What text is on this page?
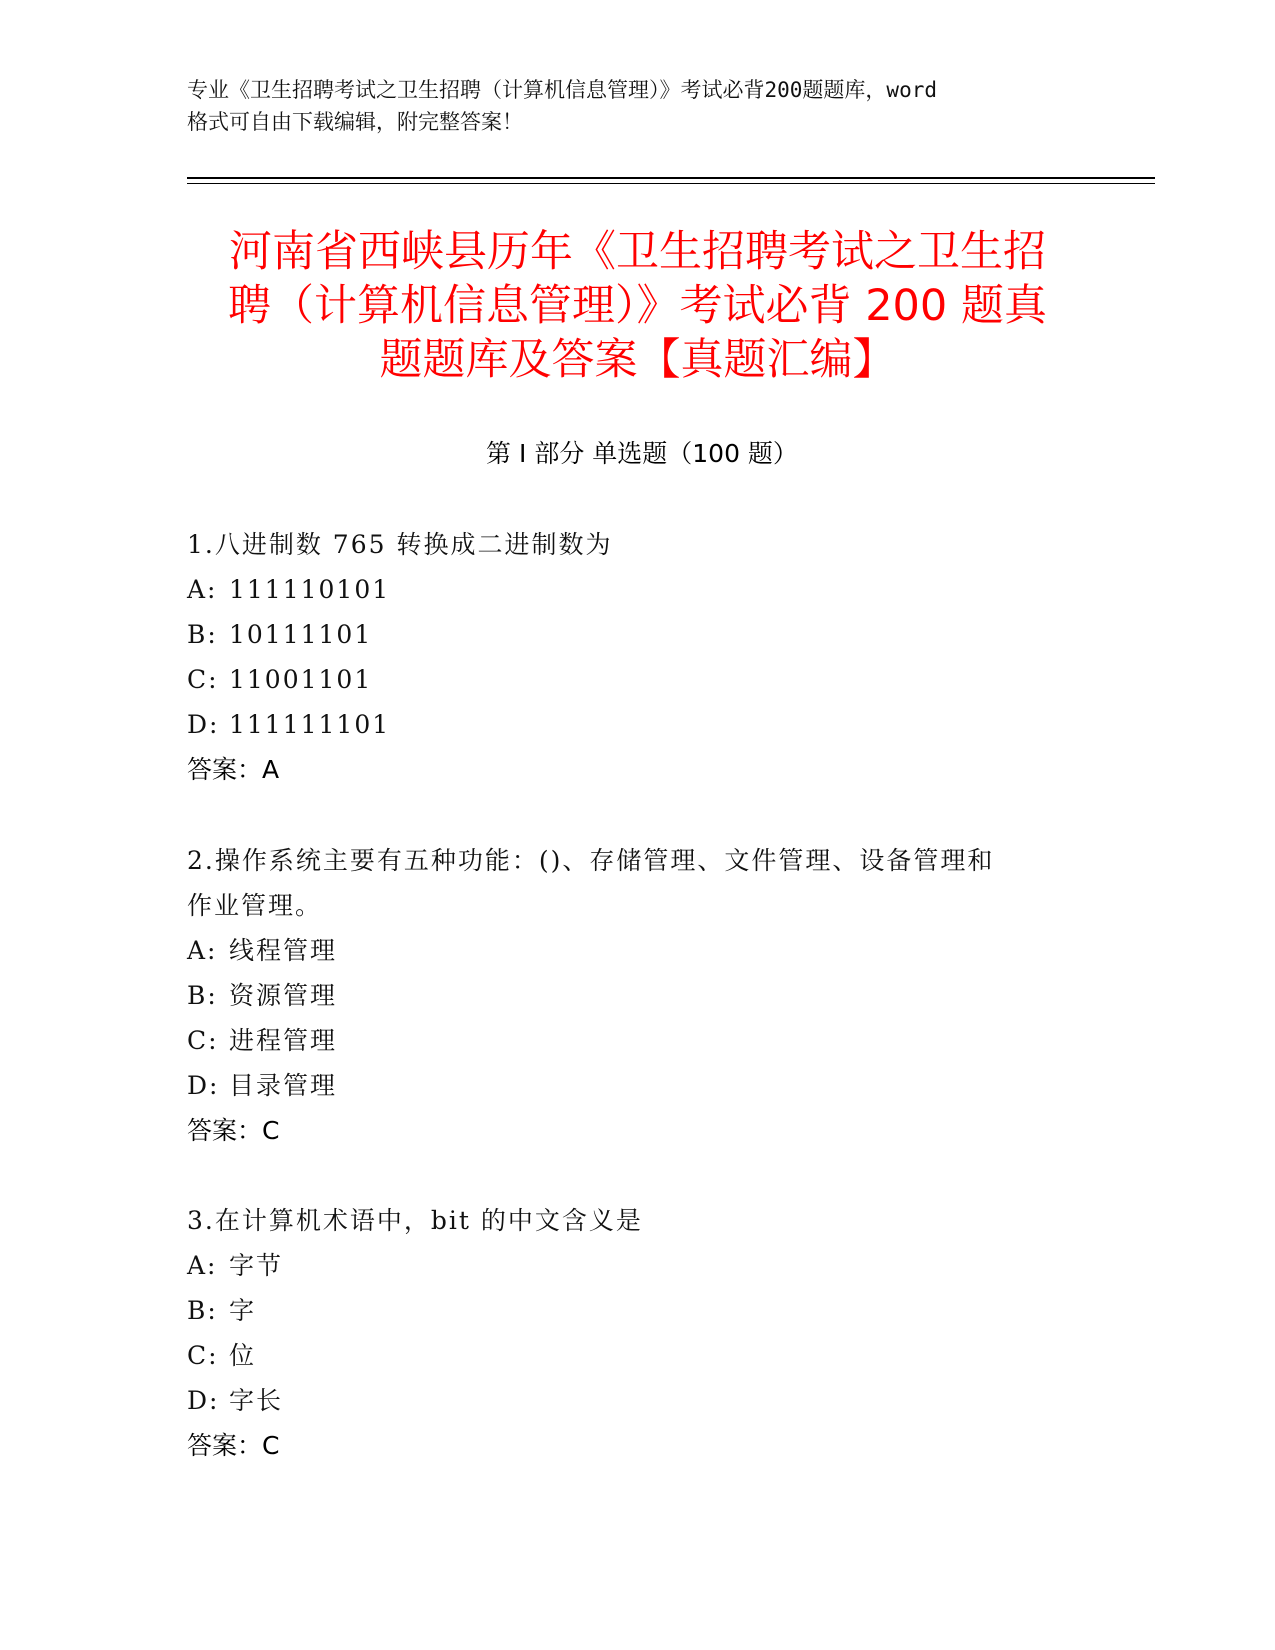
专业《卫生招聘考试之卫生招聘（计算机信息管理）》考试必背200题题库，word
格式可自由下载编辑，附完整答案！
河南省西峡县历年《卫生招聘考试之卫生招
聘（计算机信息管理）》考试必背 200 题真
题题库及答案【真题汇编】
第 I 部分 单选题（100 题）
1.八进制数 765 转换成二进制数为
A: 111110101
B: 10111101
C: 11001101
D: 111111101
答案：A
2.操作系统主要有五种功能：()、存储管理、文件管理、设备管理和
作业管理。
A: 线程管理
B: 资源管理
C: 进程管理
D: 目录管理
答案：C
3.在计算机术语中，bit 的中文含义是
A: 字节
B: 字
C: 位
D: 字长
答案：C
